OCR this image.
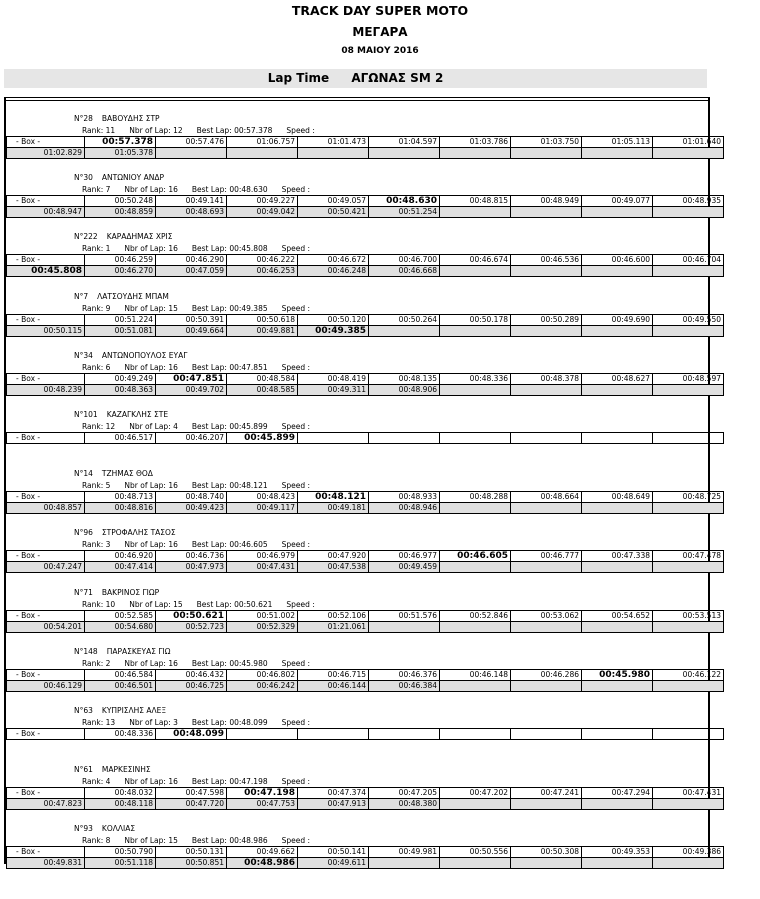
TRACK DAY SUPER MOTO
ΜΕΓΑΡΑ
08 ΜΑΙΟΥ 2016
Lap Time ΑΓΩΝΑΣ SM 2
N°28 ΒΑΒΟΥΔΗΣ ΣΤΡ
Rank: 11 Nbr of Lap: 12 Best Lap: 00:57.378 Speed :
- Box -	00:57.378	00:57.476	01:06.757	01:01.473	01:04.597	01:03.786	01:03.750	01:05.113	01:01.640
01:02.829	01:05.378								
N°30 ΑΝΤΩΝΙΟΥ ΑΝΔΡ
Rank: 7 Nbr of Lap: 16 Best Lap: 00:48.630 Speed :
- Box -	00:50.248	00:49.141	00:49.227	00:49.057	00:48.630	00:48.815	00:48.949	00:49.077	00:48.935
00:48.947	00:48.859	00:48.693	00:49.042	00:50.421	00:51.254				
N°222 ΚΑΡΑΔΗΜΑΣ ΧΡΙΣ
Rank: 1 Nbr of Lap: 16 Best Lap: 00:45.808 Speed :
- Box -	00:46.259	00:46.290	00:46.222	00:46.672	00:46.700	00:46.674	00:46.536	00:46.600	00:46.704
00:45.808	00:46.270	00:47.059	00:46.253	00:46.248	00:46.668				
N°7 ΛΑΤΣΟΥΔΗΣ ΜΠΑΜ
Rank: 9 Nbr of Lap: 15 Best Lap: 00:49.385 Speed :
- Box -	00:51.224	00:50.391	00:50.618	00:50.120	00:50.264	00:50.178	00:50.289	00:49.690	00:49.550
00:50.115	00:51.081	00:49.664	00:49.881	00:49.385					
N°34 ΑΝΤΩΝΟΠΟΥΛΟΣ ΕΥΑΓ
Rank: 6 Nbr of Lap: 16 Best Lap: 00:47.851 Speed :
- Box -	00:49.249	00:47.851	00:48.584	00:48.419	00:48.135	00:48.336	00:48.378	00:48.627	00:48.597
00:48.239	00:48.363	00:49.702	00:48.585	00:49.311	00:48.906				
N°101 ΚΑΖΑΓΚΛΗΣ ΣΤΕ
Rank: 12 Nbr of Lap: 4 Best Lap: 00:45.899 Speed :
- Box -	00:46.517	00:46.207	00:45.899						
N°14 ΤΖΗΜΑΣ ΘΟΔ
Rank: 5 Nbr of Lap: 16 Best Lap: 00:48.121 Speed :
- Box -	00:48.713	00:48.740	00:48.423	00:48.121	00:48.933	00:48.288	00:48.664	00:48.649	00:48.725
00:48.857	00:48.816	00:49.423	00:49.117	00:49.181	00:48.946				
N°96 ΣΤΡΟΦΑΛΗΣ ΤΑΣΟΣ
Rank: 3 Nbr of Lap: 16 Best Lap: 00:46.605 Speed :
- Box -	00:46.920	00:46.736	00:46.979	00:47.920	00:46.977	00:46.605	00:46.777	00:47.338	00:47.478
00:47.247	00:47.414	00:47.973	00:47.431	00:47.538	00:49.459				
N°71 ΒΑΚΡΙΝΟΣ ΓΙΩΡ
Rank: 10 Nbr of Lap: 15 Best Lap: 00:50.621 Speed :
- Box -	00:52.585	00:50.621	00:51.002	00:52.106	00:51.576	00:52.846	00:53.062	00:54.652	00:53.513
00:54.201	00:54.680	00:52.723	00:52.329	01:21.061					
N°148 ΠΑΡΑΣΚΕΥΑΣ ΓΙΩ
Rank: 2 Nbr of Lap: 16 Best Lap: 00:45.980 Speed :
- Box -	00:46.584	00:46.432	00:46.802	00:46.715	00:46.376	00:46.148	00:46.286	00:45.980	00:46.122
00:46.129	00:46.501	00:46.725	00:46.242	00:46.144	00:46.384				
N°63 ΚΥΠΡΙΣΛΗΣ ΑΛΕΞ
Rank: 13 Nbr of Lap: 3 Best Lap: 00:48.099 Speed :
- Box -	00:48.336	00:48.099							
N°61 ΜΑΡΚΕΣΙΝΗΣ
Rank: 4 Nbr of Lap: 16 Best Lap: 00:47.198 Speed :
- Box -	00:48.032	00:47.598	00:47.198	00:47.374	00:47.205	00:47.202	00:47.241	00:47.294	00:47.431
00:47.823	00:48.118	00:47.720	00:47.753	00:47.913	00:48.380				
N°93 ΚΟΛΛΙΑΣ
Rank: 8 Nbr of Lap: 15 Best Lap: 00:48.986 Speed :
- Box -	00:50.790	00:50.131	00:49.662	00:50.141	00:49.981	00:50.556	00:50.308	00:49.353	00:49.386
00:49.831	00:51.118	00:50.851	00:48.986	00:49.611					
